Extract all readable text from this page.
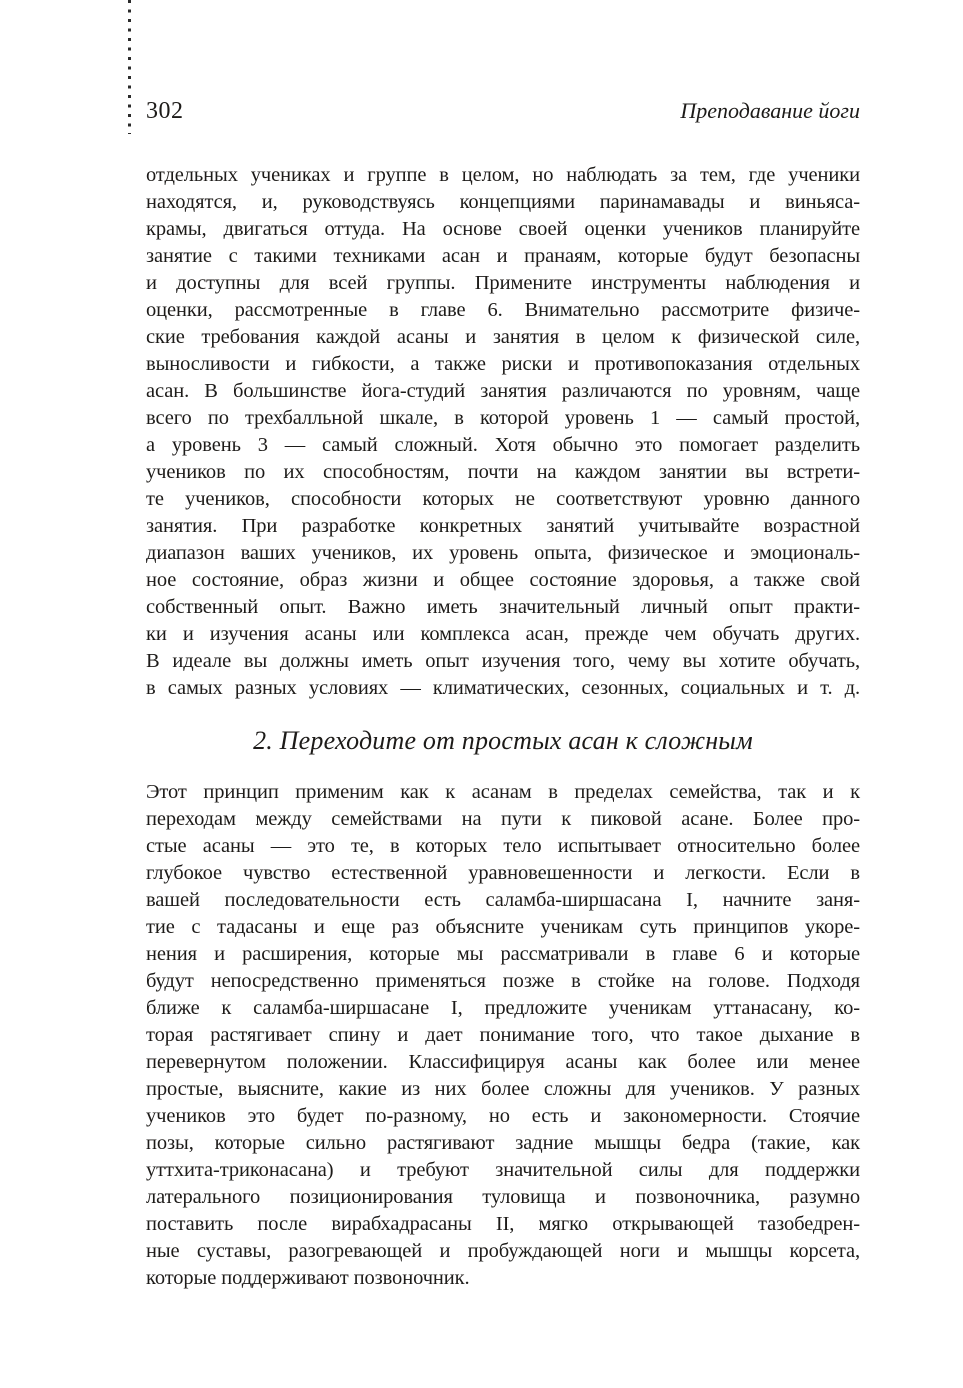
302	Преподавание йоги
отдельных учениках и группе в целом, но наблюдать за тем, где ученики
находятся, и, руководствуясь концепциями паринамавады и виньяса-
крамы, двигаться оттуда. На основе своей оценки учеников планируйте
занятие с такими техниками асан и пранаям, которые будут безопасны
и доступны для всей группы. Примените инструменты наблюдения и
оценки, рассмотренные в главе 6. Внимательно рассмотрите физиче-
ские требования каждой асаны и занятия в целом к физической силе,
выносливости и гибкости, а также риски и противопоказания отдельных
асан. В большинстве йога-студий занятия различаются по уровням, чаще
всего по трехбалльной шкале, в которой уровень 1 — самый простой,
а уровень 3 — самый сложный. Хотя обычно это помогает разделить
учеников по их способностям, почти на каждом занятии вы встрети-
те учеников, способности которых не соответствуют уровню данного
занятия. При разработке конкретных занятий учитывайте возрастной
диапазон ваших учеников, их уровень опыта, физическое и эмоциональ-
ное состояние, образ жизни и общее состояние здоровья, а также свой
собственный опыт. Важно иметь значительный личный опыт практи-
ки и изучения асаны или комплекса асан, прежде чем обучать других.
В идеале вы должны иметь опыт изучения того, чему вы хотите обучать,
в самых разных условиях — климатических, сезонных, социальных и т. д.
2. Переходите от простых асан к сложным
Этот принцип применим как к асанам в пределах семейства, так и к
переходам между семействами на пути к пиковой асане. Более про-
стые асаны — это те, в которых тело испытывает относительно более
глубокое чувство естественной уравновешенности и легкости. Если в
вашей последовательности есть саламба-ширшасана I, начните заня-
тие с тадасаны и еще раз объясните ученикам суть принципов укоре-
нения и расширения, которые мы рассматривали в главе 6 и которые
будут непосредственно применяться позже в стойке на голове. Подходя
ближе к саламба-ширшасане I, предложите ученикам уттанасану, ко-
торая растягивает спину и дает понимание того, что такое дыхание в
перевернутом положении. Классифицируя асаны как более или менее
простые, выясните, какие из них более сложны для учеников. У разных
учеников это будет по-разному, но есть и закономерности. Стоячие
позы, которые сильно растягивают задние мышцы бедра (такие, как
уттхита-триконасана) и требуют значительной силы для поддержки
латерального позиционирования туловища и позвоночника, разумно
поставить после вирабхадрасаны II, мягко открывающей тазобедрен-
ные суставы, разогревающей и пробуждающей ноги и мышцы корсета,
которые поддерживают позвоночник.
